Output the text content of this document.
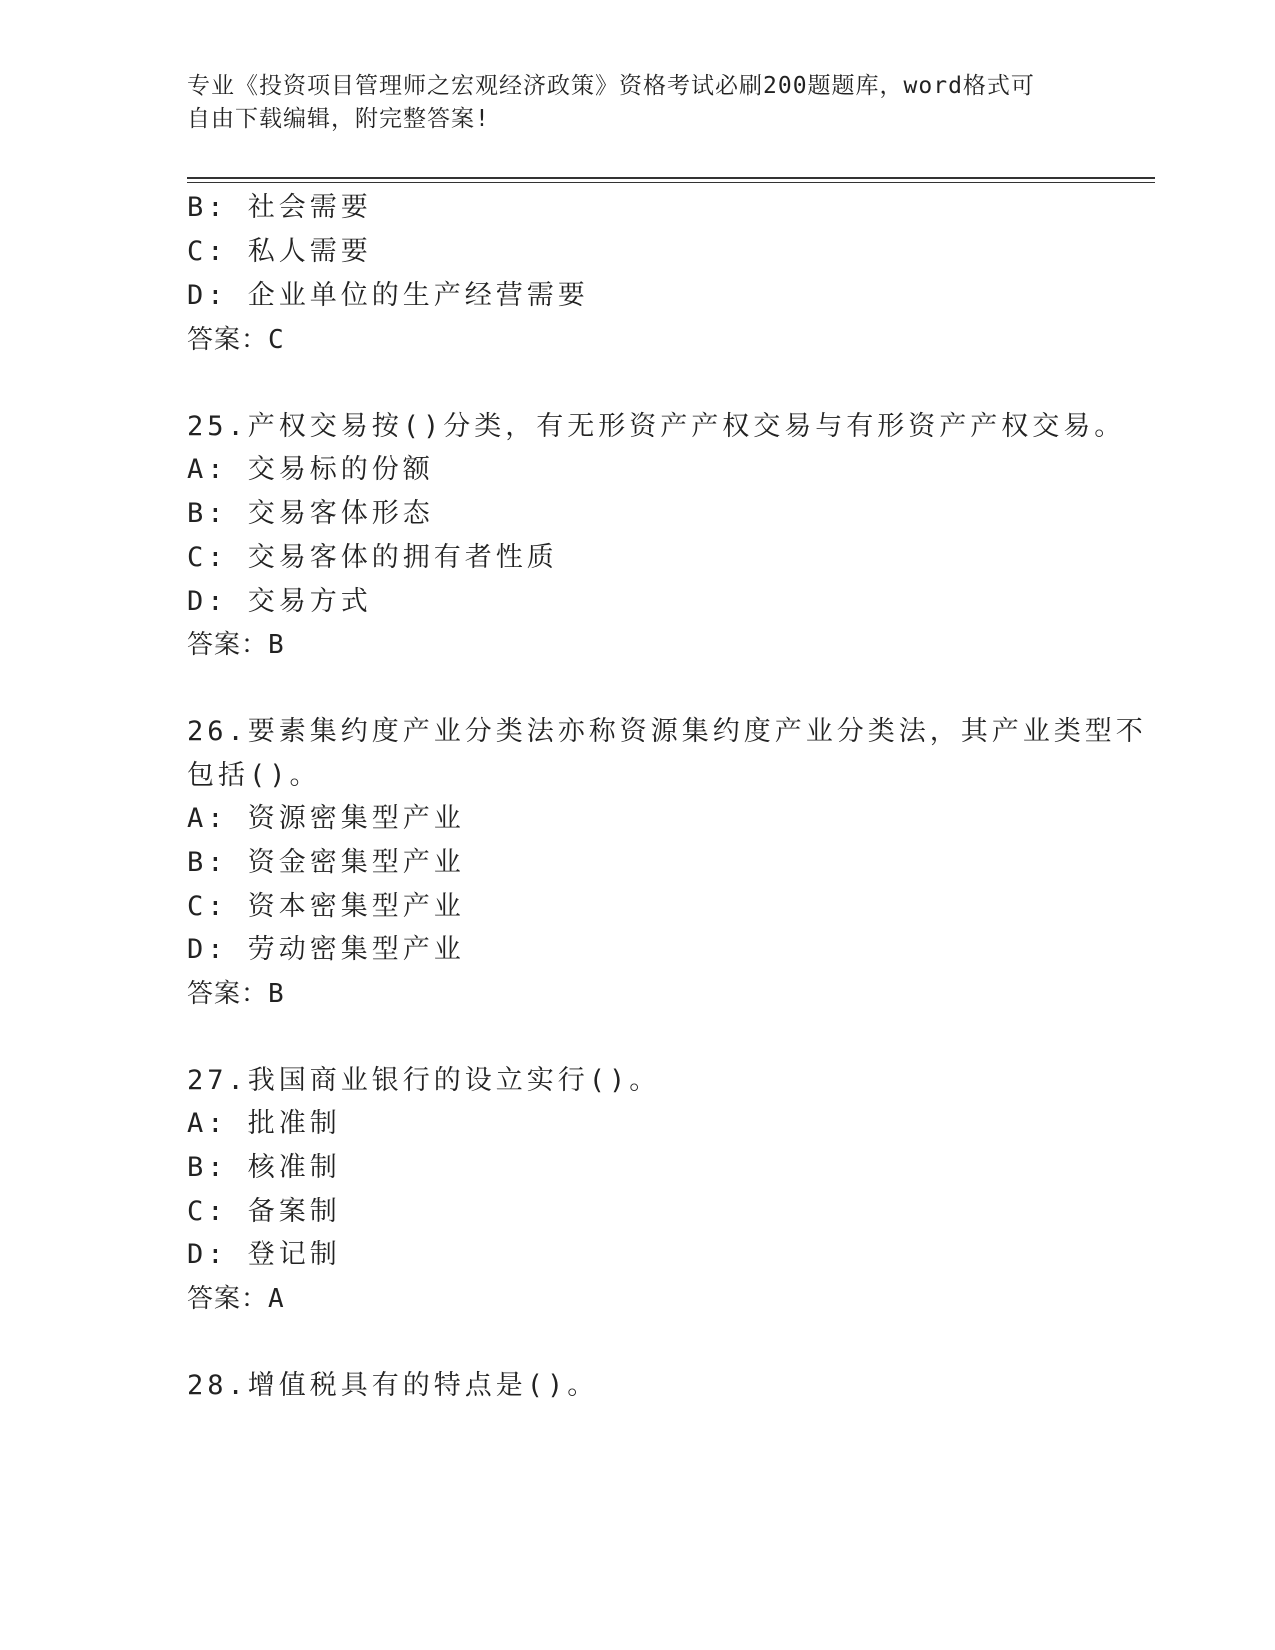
专业《投资项目管理师之宏观经济政策》资格考试必刷200题题库，word格式可
自由下载编辑，附完整答案!
B: 社会需要
C: 私人需要
D: 企业单位的生产经营需要
答案：C
25.产权交易按()分类，有无形资产产权交易与有形资产产权交易。
A: 交易标的份额
B: 交易客体形态
C: 交易客体的拥有者性质
D: 交易方式
答案：B
26.要素集约度产业分类法亦称资源集约度产业分类法，其产业类型不
包括()。
A: 资源密集型产业
B: 资金密集型产业
C: 资本密集型产业
D: 劳动密集型产业
答案：B
27.我国商业银行的设立实行()。
A: 批准制
B: 核准制
C: 备案制
D: 登记制
答案：A
28.增值税具有的特点是()。
